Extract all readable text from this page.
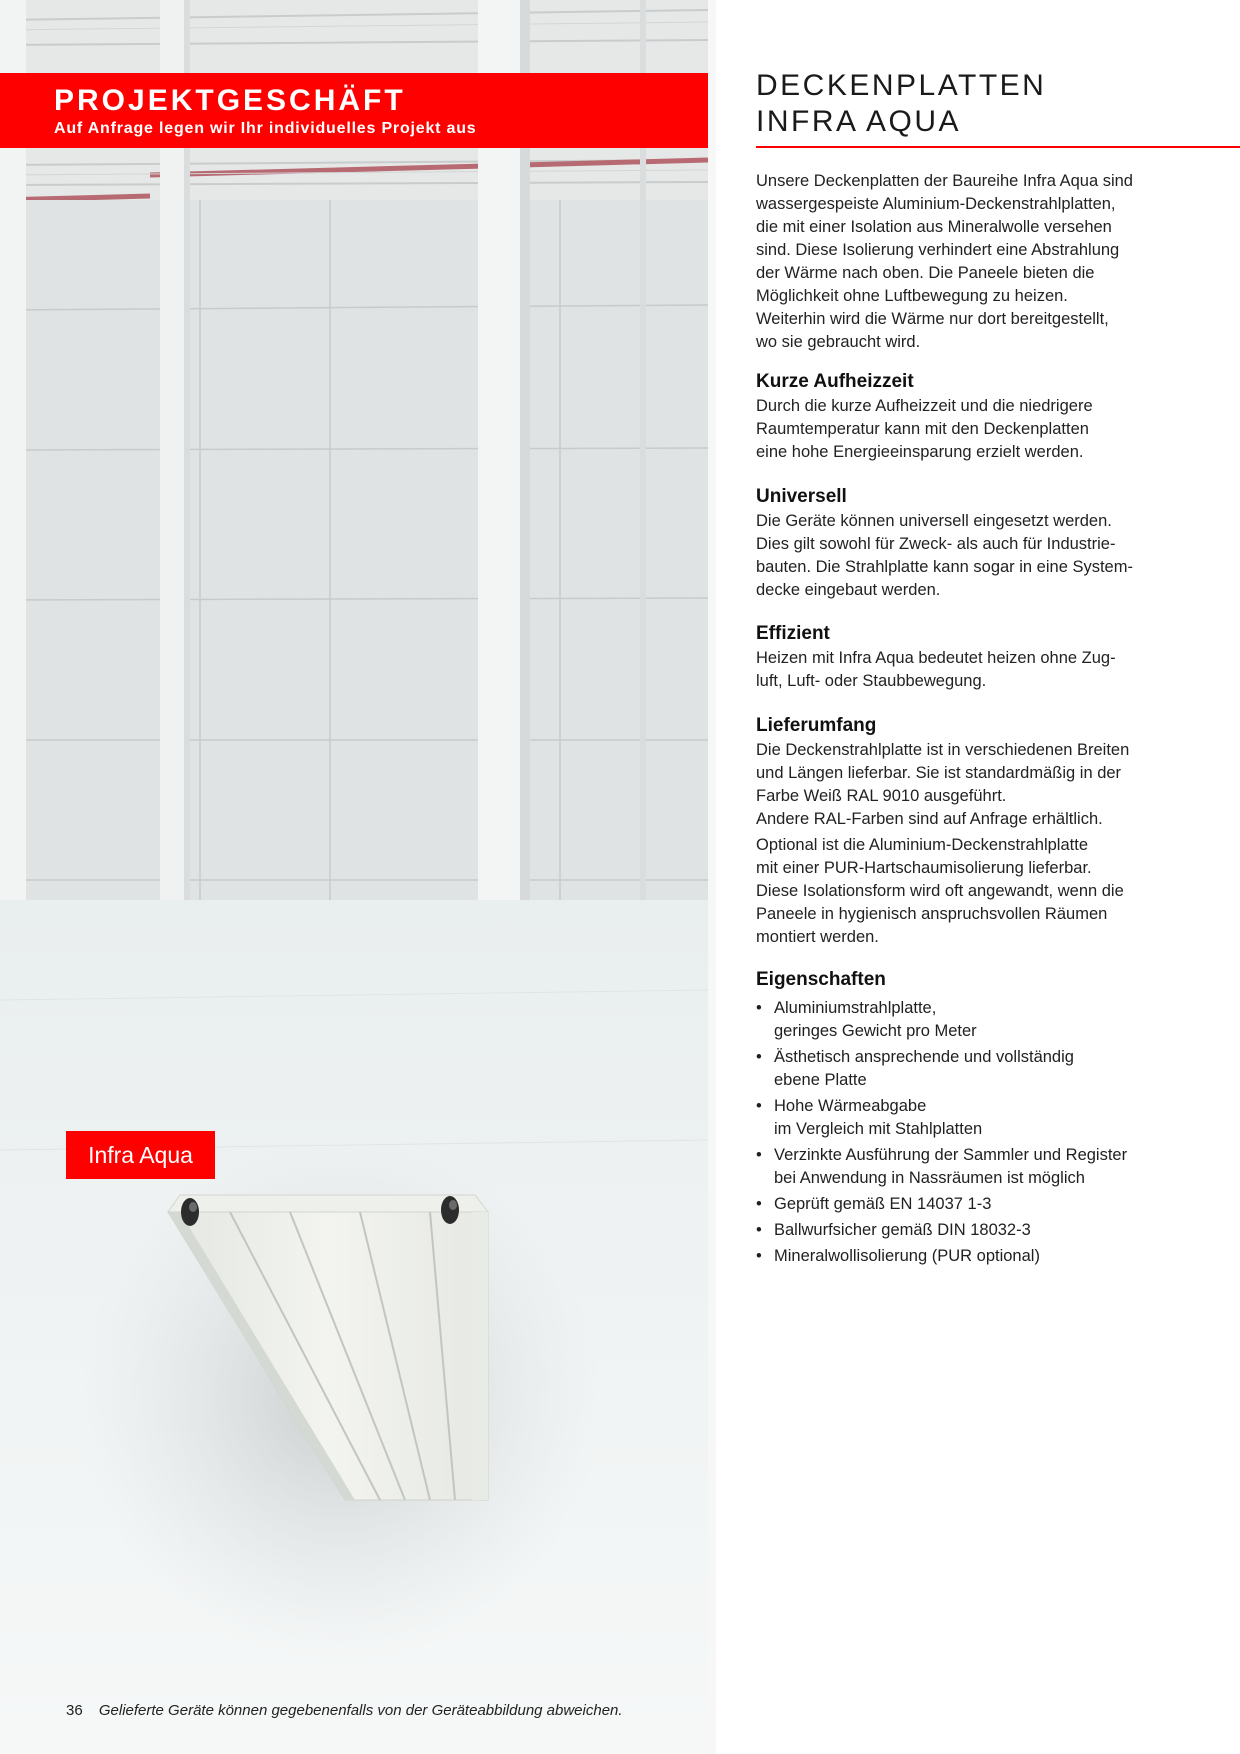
PROJEKTGESCHÄFT
Auf Anfrage legen wir Ihr individuelles Projekt aus
Infra Aqua
36 Gelieferte Geräte können gegebenenfalls von der Geräteabbildung abweichen.
DECKENPLATTEN
INFRA AQUA

Unsere Deckenplatten der Baureihe Infra Aqua sind

wassergespeiste Aluminium-Deckenstrahlplatten,

die mit einer Isolation aus Mineralwolle versehen

sind. Diese Isolierung verhindert eine Abstrahlung

der Wärme nach oben. Die Paneele bieten die

Möglichkeit ohne Luftbewegung zu heizen.

Weiterhin wird die Wärme nur dort bereitgestellt,

wo sie gebraucht wird.

Kurze Aufheizzeit

Durch die kurze Aufheizzeit und die niedrigere

Raumtemperatur kann mit den Deckenplatten

eine hohe Energieeinsparung erzielt werden.

Universell

Die Geräte können universell eingesetzt werden.

Dies gilt sowohl für Zweck- als auch für Industrie-

bauten. Die Strahlplatte kann sogar in eine System-

decke eingebaut werden.

Effizient

Heizen mit Infra Aqua bedeutet heizen ohne Zug-

luft, Luft- oder Staubbewegung.

Lieferumfang

Die Deckenstrahlplatte ist in verschiedenen Breiten

und Längen lieferbar. Sie ist standardmäßig in der

Farbe Weiß RAL 9010 ausgeführt.

Andere RAL-Farben sind auf Anfrage erhältlich.

Optional ist die Aluminium-Deckenstrahlplatte

mit einer PUR-Hartschaumisolierung lieferbar.

Diese Isolationsform wird oft angewandt, wenn die

Paneele in hygienisch anspruchsvollen Räumen

montiert werden.

Eigenschaften
• Aluminiumstrahlplatte,
geringes Gewicht pro Meter
• Ästhetisch ansprechende und vollständig
ebene Platte
• Hohe Wärmeabgabe
im Vergleich mit Stahlplatten
• Verzinkte Ausführung der Sammler und Register
bei Anwendung in Nassräumen ist möglich
• Geprüft gemäß EN 14037 1-3
• Ballwurfsicher gemäß DIN 18032-3
• Mineralwollisolierung (PUR optional)
